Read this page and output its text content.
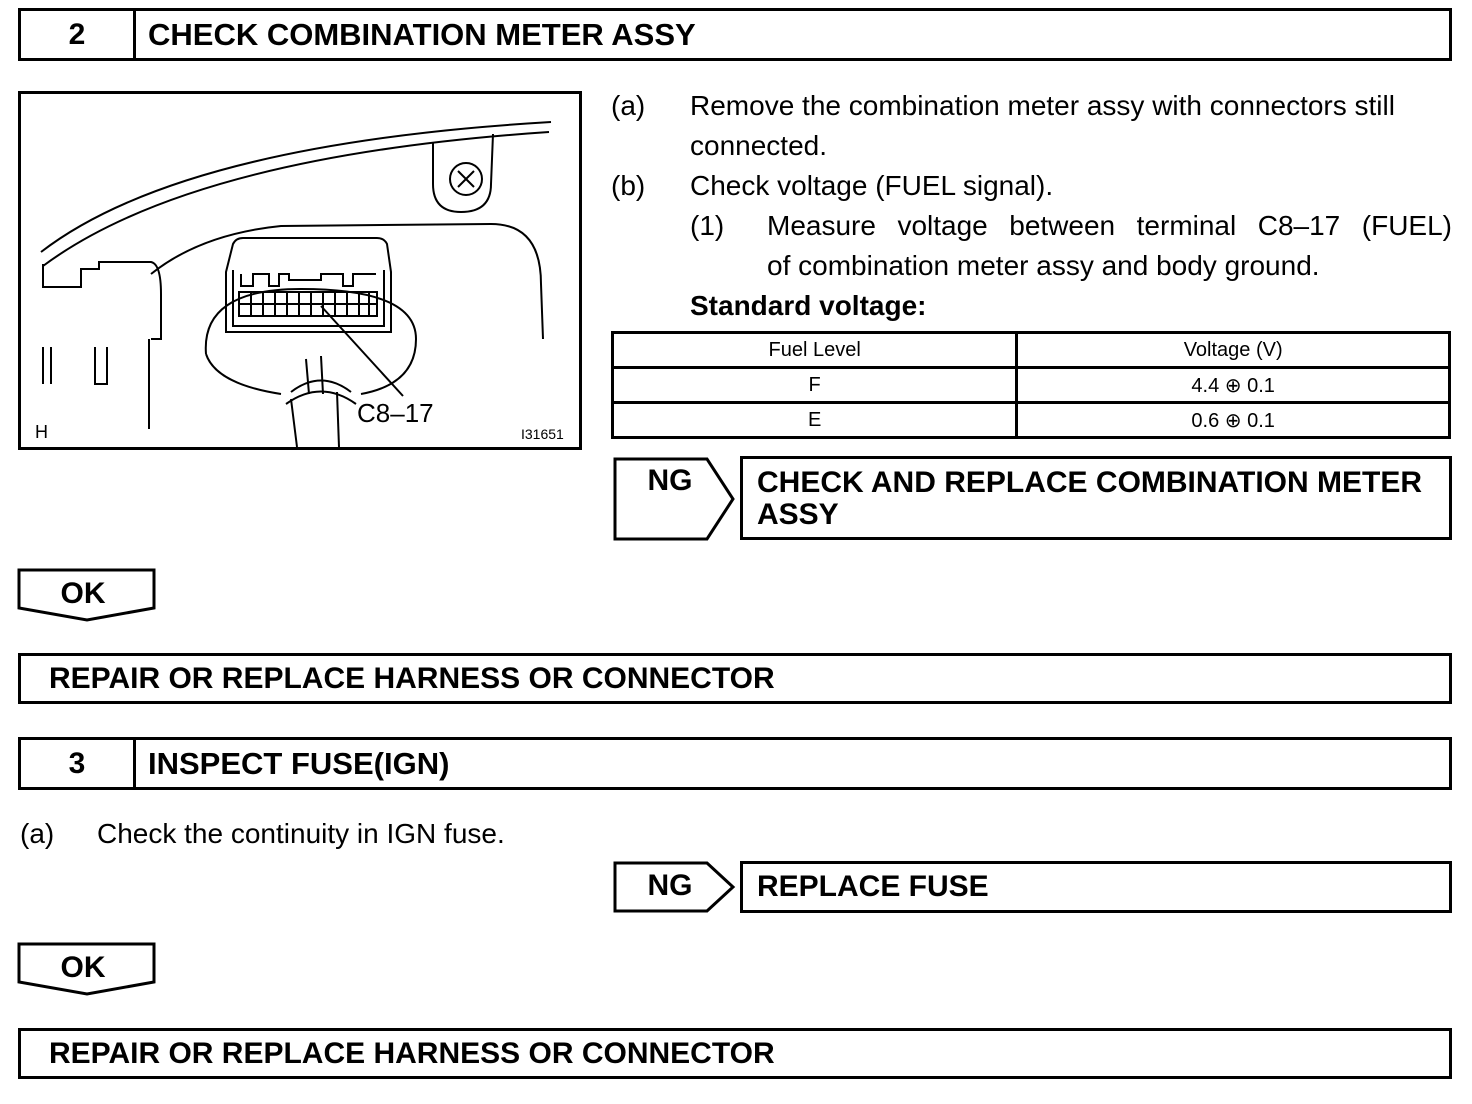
2	CHECK COMBINATION METER ASSY
C8–17
H	I31651
(a) Remove the combination meter assy with connectors still
connected.
(b) Check voltage (FUEL signal).
(1) Measure voltage between terminal C8–17 (FUEL)
of combination meter assy and body ground.
Standard voltage:
Fuel Level	Voltage (V)
F	4.4 ⊕ 0.1
E	0.6 ⊕ 0.1
NG	CHECK AND REPLACE COMBINATION METER
ASSY
OK
REPAIR OR REPLACE HARNESS OR CONNECTOR
3	INSPECT FUSE(IGN)
(a) Check the continuity in IGN fuse.
NG	REPLACE FUSE
OK
REPAIR OR REPLACE HARNESS OR CONNECTOR
